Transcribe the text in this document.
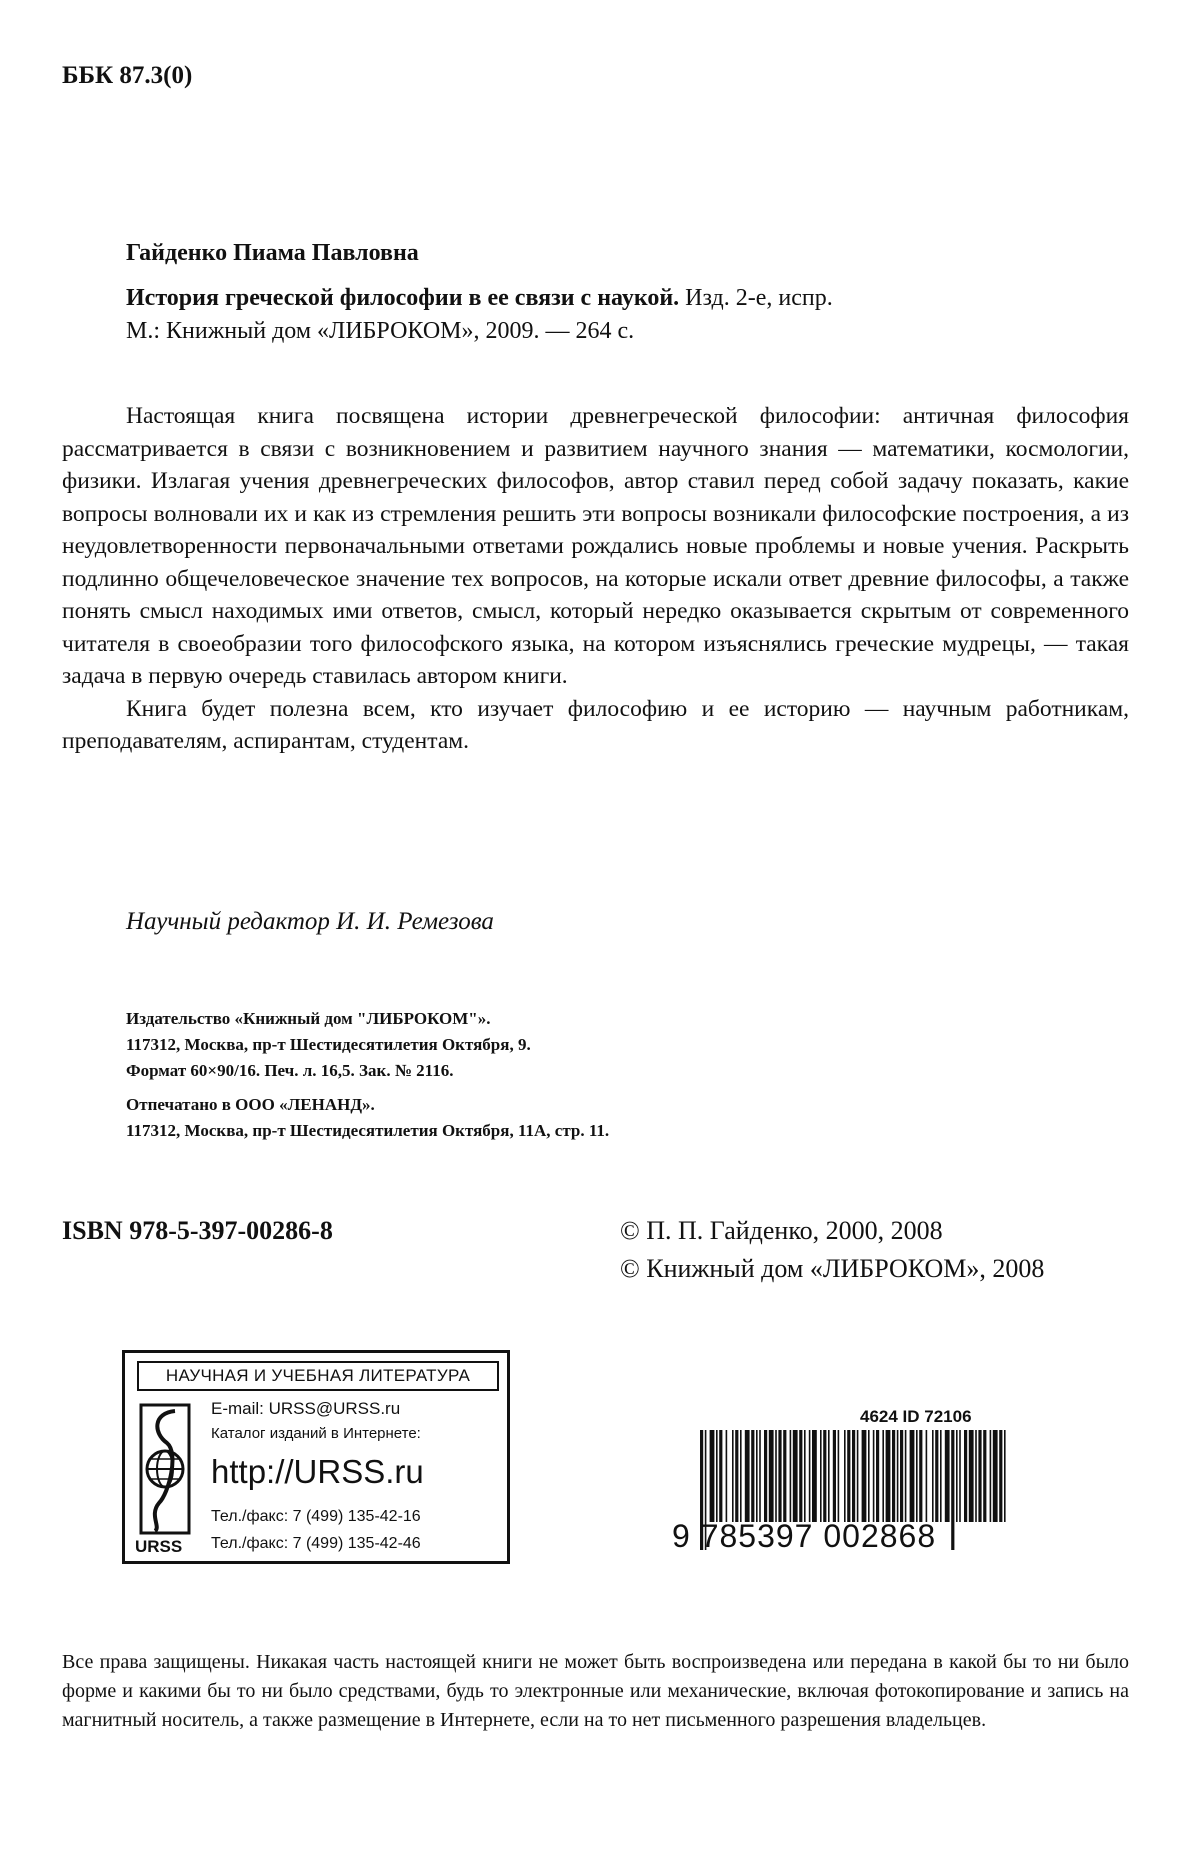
ББК 87.3(0)
Гайденко Пиама Павловна
История греческой философии в ее связи с наукой. Изд. 2-е, испр.
М.: Книжный дом «ЛИБРОКОМ», 2009. — 264 с.

Настоящая книга посвящена истории древнегреческой философии: античная философия рассматривается в связи с возникновением и развитием научного знания — математики, космологии, физики. Излагая учения древнегреческих философов, автор ставил перед собой задачу показать, какие вопросы волновали их и как из стремления решить эти вопросы возникали философские построения, а из неудовлетворенности первоначальными ответами рождались новые проблемы и новые учения. Раскрыть подлинно общечеловеческое значение тех вопросов, на которые искали ответ древние философы, а также понять смысл находимых ими ответов, смысл, который нередко оказывается скрытым от современного читателя в своеобразии того философского языка, на котором изъяснялись греческие мудрецы, — такая задача в первую очередь ставилась автором книги.

Книга будет полезна всем, кто изучает философию и ее историю — научным работникам, преподавателям, аспирантам, студентам.

Научный редактор И. И. Ремезова
Издательство «Книжный дом "ЛИБРОКОМ"».
117312, Москва, пр-т Шестидесятилетия Октября, 9.
Формат 60×90/16. Печ. л. 16,5. Зак. № 2116.
Отпечатано в ООО «ЛЕНАНД».
117312, Москва, пр-т Шестидесятилетия Октября, 11А, стр. 11.
ISBN 978-5-397-00286-8	© П. П. Гайденко, 2000, 2008
© Книжный дом «ЛИБРОКОМ», 2008
НАУЧНАЯ И УЧЕБНАЯ ЛИТЕРАТУРА
URSS
E-mail: URSS@URSS.ru
Каталог изданий в Интернете:
http://URSS.ru
Тел./факс: 7 (499) 135-42-16
Тел./факс: 7 (499) 135-42-46
4624 ID 72106
9 785397 002868

Все права защищены. Никакая часть настоящей книги не может быть воспроизведена или передана в какой бы то ни было форме и какими бы то ни было средствами, будь то электронные или механические, включая фотокопирование и запись на магнитный носитель, а также размещение в Интернете, если на то нет письменного разрешения владельцев.
